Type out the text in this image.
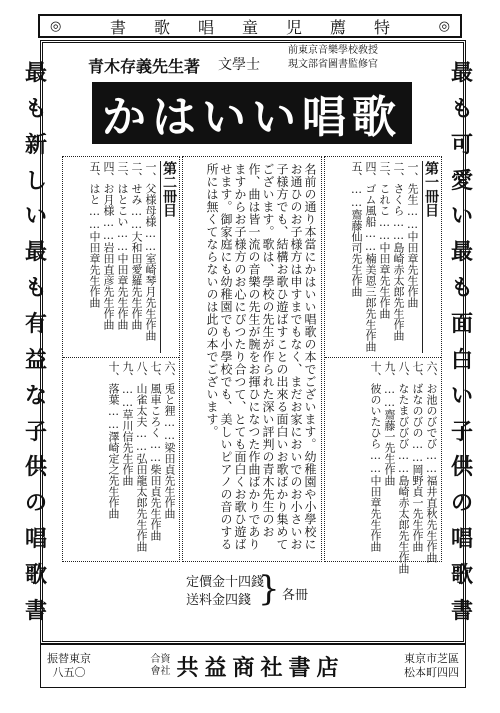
◎	書 歌 唱 童 児 薦 特	◎
最
も
新
し
い
最
も
有
益
な
子
供
の
唱
歌
書
最
も
可
愛
い
最
も
面
白
い
子
供
の
唱
歌
書
青木存義先生著 文學士
前東京音樂學校敎授
現文部省圖書監修官
かはいい唱歌
第一冊目
一、先生……中田章先生作曲
二、さくら……島崎赤太郎先生作曲
三、これこ……中田章先生作曲
四、ゴム風船……楠美恩三郎先生作曲
五、……齋藤仙司先生作曲
六、お池のびでび……福井直秋先生作曲
七、ばなのびの……岡野貞一先生作曲
八、なたまびびび……島崎赤太郎先生作曲
九、……齋藤一先生作曲
十、彼のいたひら……中田章先生作曲
第二冊目
一、父様母様……室崎琴月先生作曲
二、せみ……大和田愛羅先生作曲
三、はとこい……中田章先生作曲
四、お月様……岩田直彦先生作曲
五、はと……中田章先生作曲
六、兎と狸……梁田貞先生作曲
七、風車ころく……柴田貞先生作曲
八、山雀太夫……弘田龍太郎先生作曲
九、……草川信先生作曲
十、落葉……澤崎定之先生作曲	名前の通り本當にかはいい唱歌の本でございます。幼稚園や小學校にお通ひのお子様方は申すまでもなく、まだお家においでのお小さいお子様方でも、結構お歌ひ遊ばすことの出來る面白いお歌ばかり集めてございます。歌は、學校の先生が作られた深い評判の青木先生のお作、曲は皆一流の音樂の先生が腕をお揮ひになつた作曲ばかりでありますからお子様方のお心にぴつたり合つて、とても面白くお歌ひ遊ばせます。御家庭にも幼稚園でも小學校でも、美しいピアノの音のする所には無くてならないのは此の本でございます。
定價金十四錢
送料金四錢 } 各冊
振替東京
八五〇
合資
會社 共益商社書店	東京市芝區
松本町四四
